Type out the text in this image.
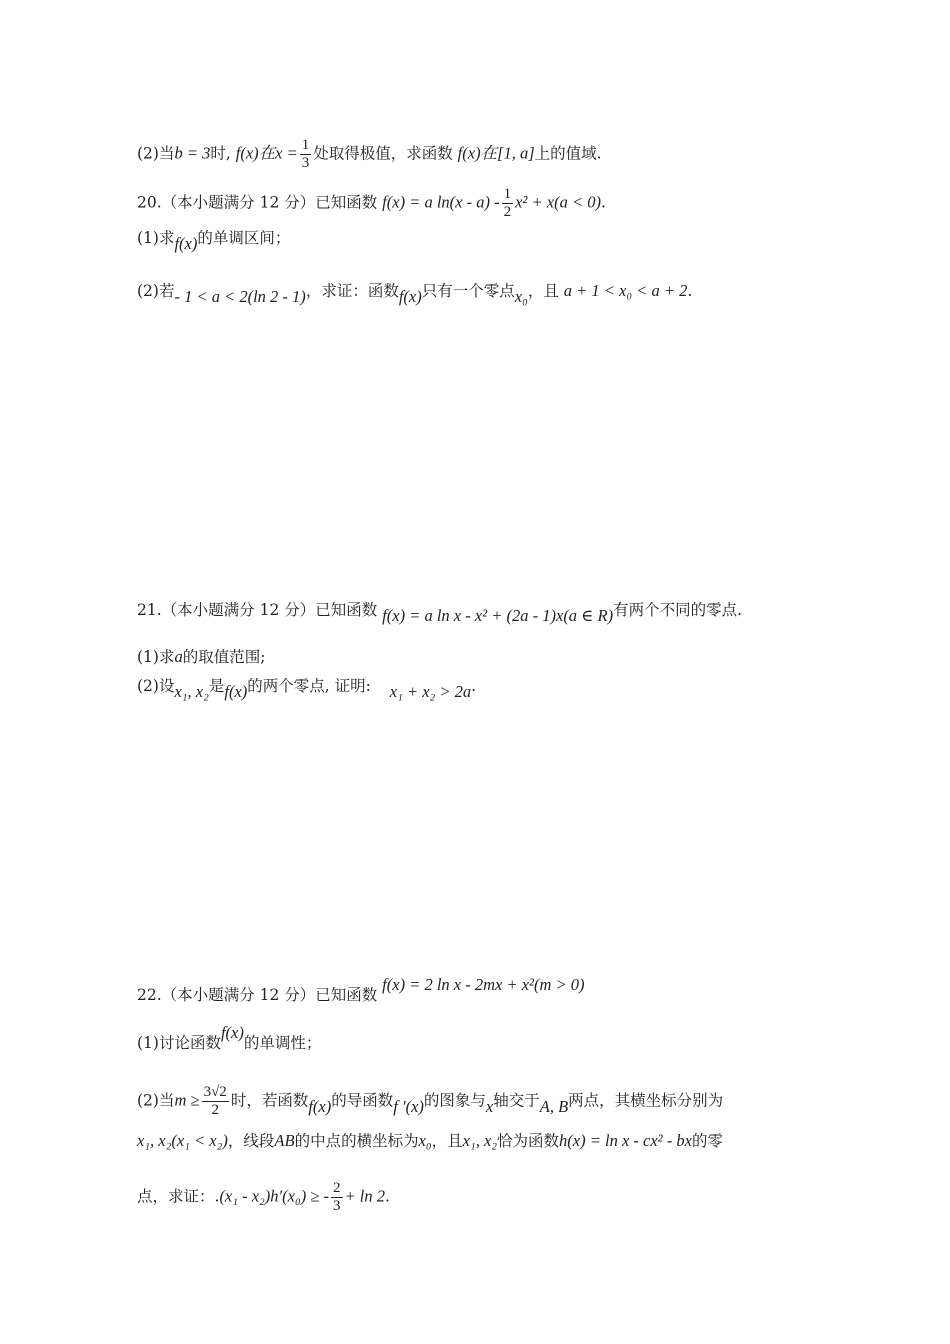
(2)当b = 3时, f(x)在$x = \frac{1}{3}$ 处取得极值，求函数 f(x)在[1, a]上的值域.
20.（本小题满分 12 分）已知函数 f(x) = a $\ln(x - a) - \frac{1}{2} x^2 + x(a < 0)$.
(1)求f(x)的单调区间；
(2)若- 1 < a < 2(ln 2 - 1)，求证：函数f(x)只有一个零点x₀，且 a + 1 < x₀ < a + 2.
21.（本小题满分 12 分）已知函数 f(x) = a ln x - x² + (2a - 1)x(a ∈ R)有两个不同的零点.
(1)求a的取值范围;
(2)设x₁, x₂是f(x)的两个零点, 证明: x₁ + x₂ > 2a.
22.（本小题满分 12 分）已知函数 f(x) = 2 ln x - 2mx + x²(m > 0)
(1)讨论函数f(x)的单调性；
(2)当$m \ge \frac{3√2}{2}$ 时，若函数f(x)的导函数f ′(x)的图象与x轴交于A, B两点，其横坐标分别为
x₁, x₂(x₁ < x₂)，线段AB的中点的横坐标为x₀，且x₁, x₂恰为函数h(x) = ln x - cx² - bx的零
点，求证：.(x₁ - x₂)h′(x₀) ≥ - $\frac{2}{3} + \ln 2$.
